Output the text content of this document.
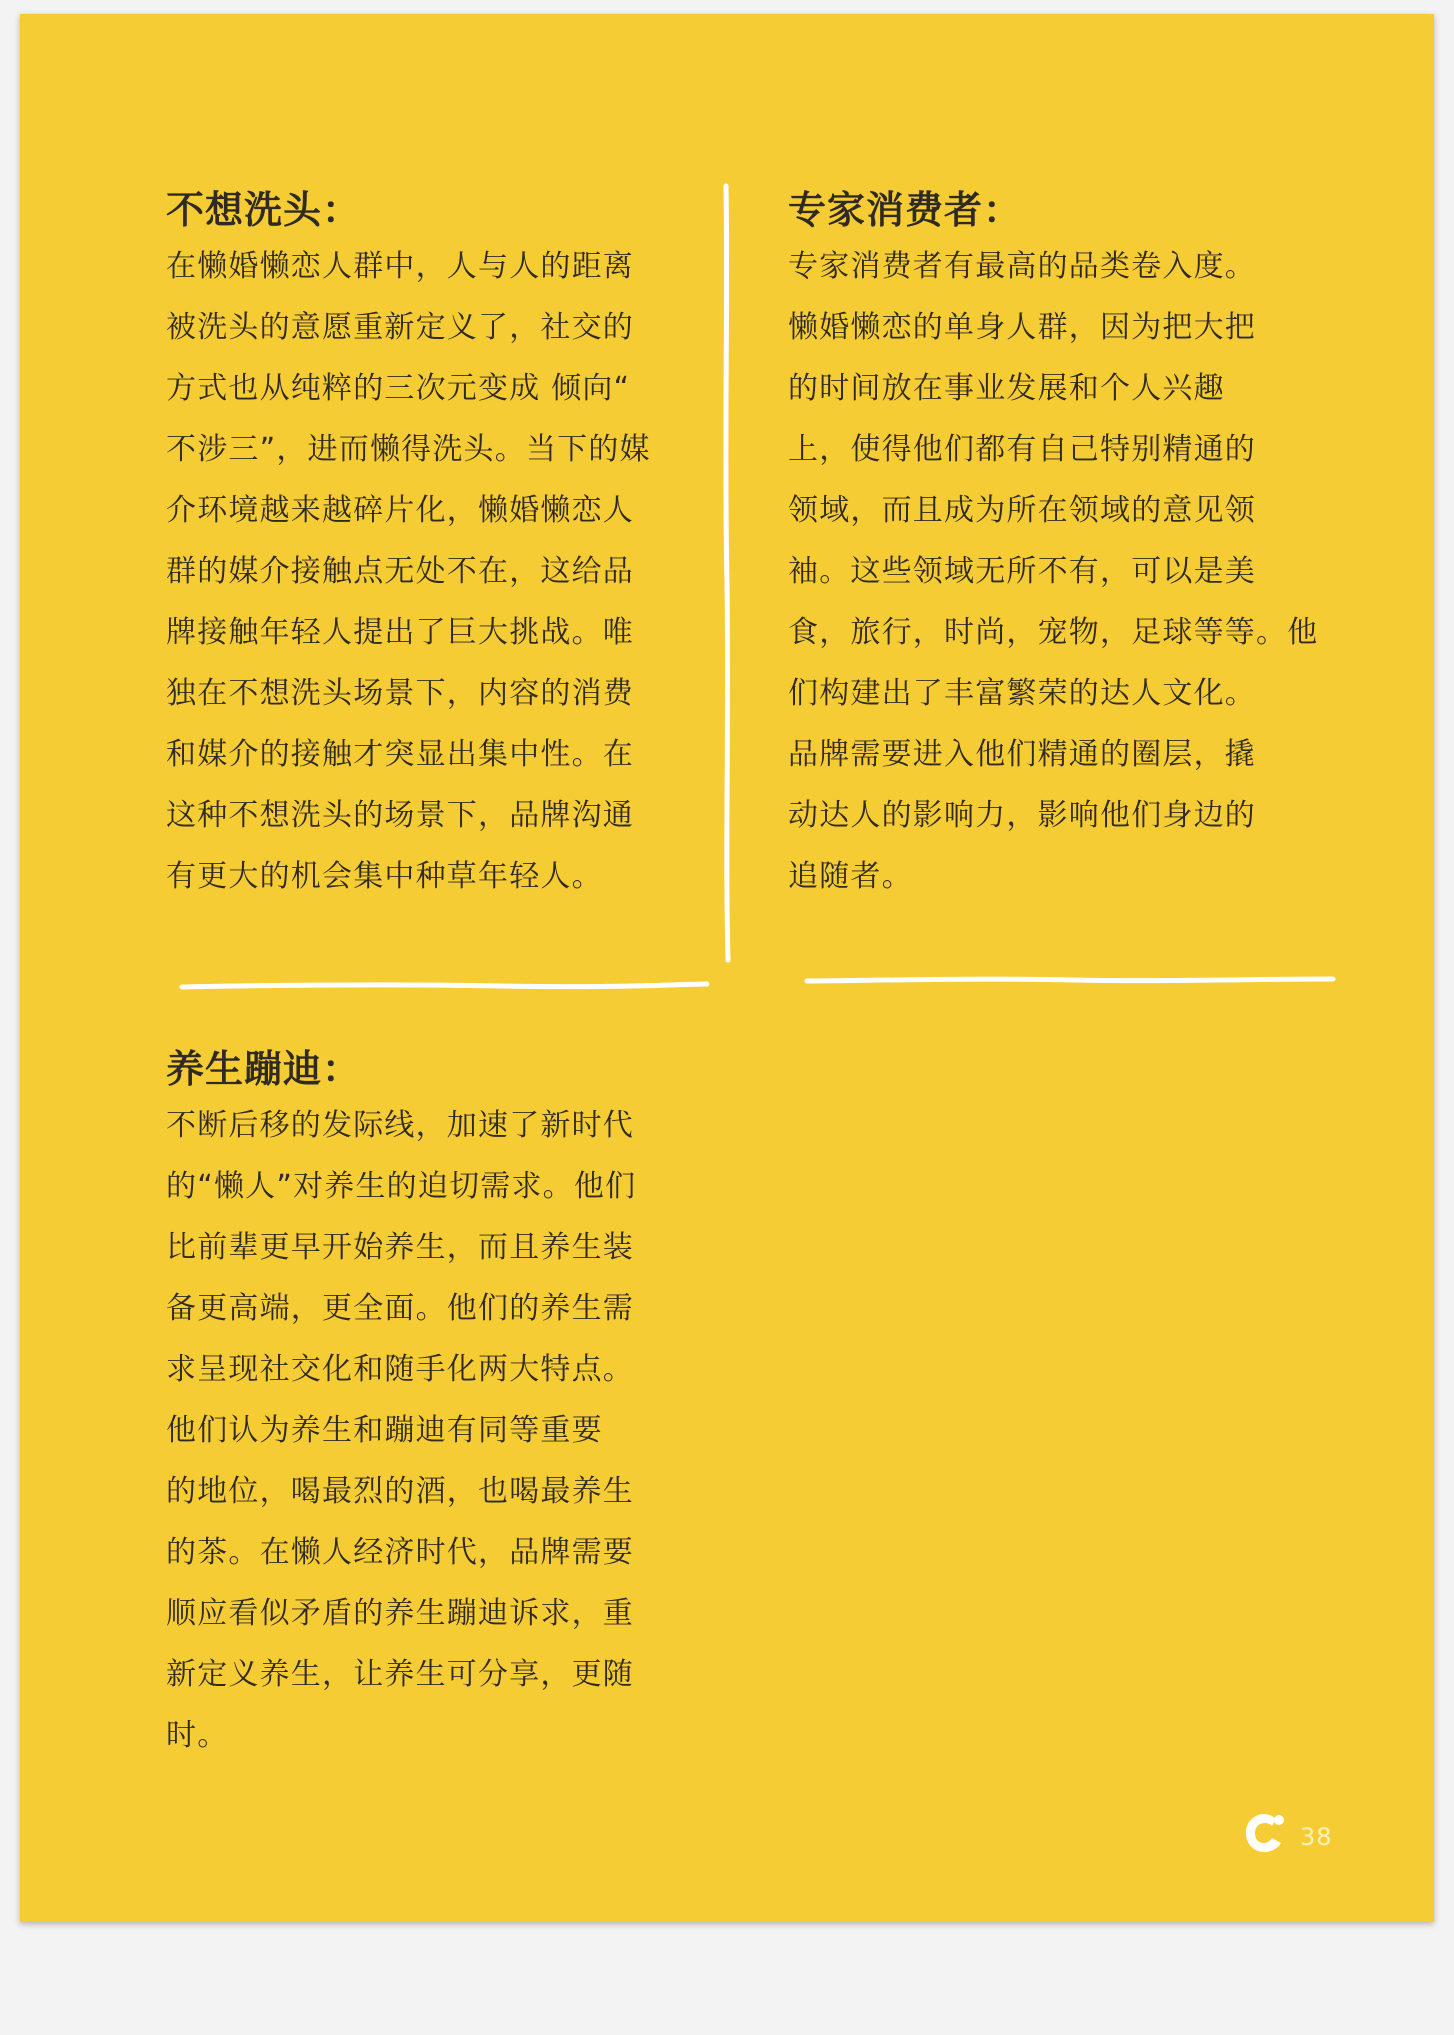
不想洗头：
在懒婚懒恋人群中，人与人的距离
被洗头的意愿重新定义了，社交的
方式也从纯粹的三次元变成 倾向“
不涉三”，进而懒得洗头。当下的媒
介环境越来越碎片化，懒婚懒恋人
群的媒介接触点无处不在，这给品
牌接触年轻人提出了巨大挑战。唯
独在不想洗头场景下，内容的消费
和媒介的接触才突显出集中性。在
这种不想洗头的场景下，品牌沟通
有更大的机会集中种草年轻人。
专家消费者：
专家消费者有最高的品类卷入度。
懒婚懒恋的单身人群，因为把大把
的时间放在事业发展和个人兴趣
上，使得他们都有自己特别精通的
领域，而且成为所在领域的意见领
袖。这些领域无所不有，可以是美
食，旅行，时尚，宠物，足球等等。他
们构建出了丰富繁荣的达人文化。
品牌需要进入他们精通的圈层，撬
动达人的影响力，影响他们身边的
追随者。
养生蹦迪：
不断后移的发际线，加速了新时代
的“懒人”对养生的迫切需求。他们
比前辈更早开始养生，而且养生装
备更高端，更全面。他们的养生需
求呈现社交化和随手化两大特点。
他们认为养生和蹦迪有同等重要
的地位，喝最烈的酒，也喝最养生
的茶。在懒人经济时代，品牌需要
顺应看似矛盾的养生蹦迪诉求，重
新定义养生，让养生可分享，更随
时。
38
